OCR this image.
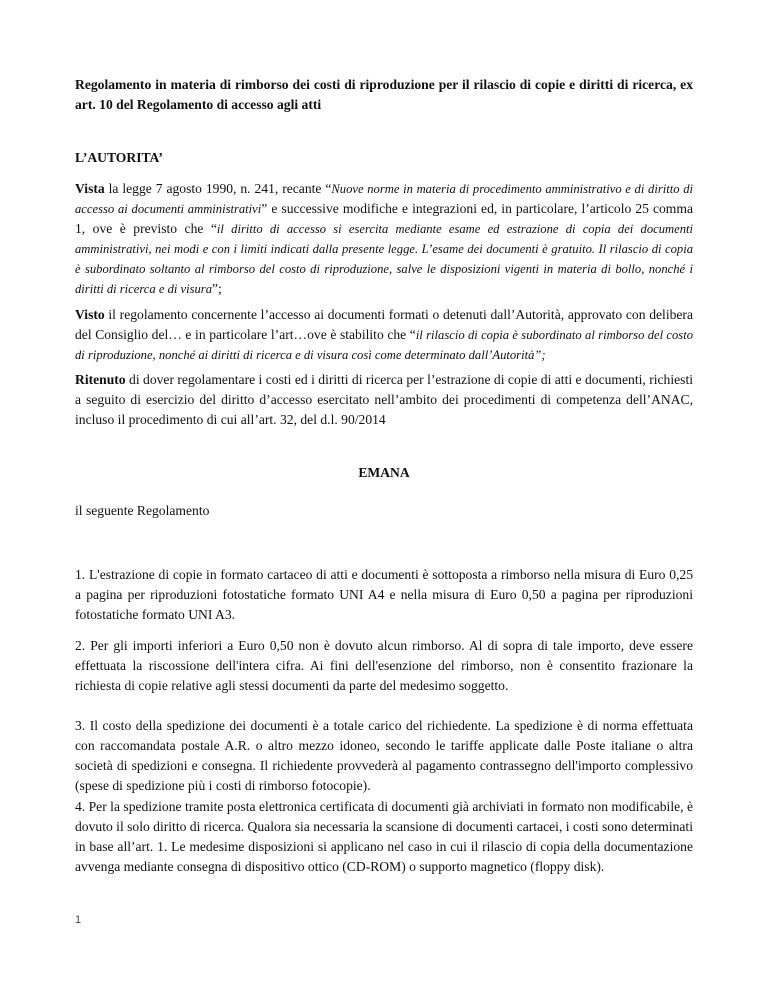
Regolamento in materia di rimborso dei costi di riproduzione per il rilascio di copie e diritti di ricerca, ex art. 10 del Regolamento di accesso agli atti
L’AUTORITA’

Vista la legge 7 agosto 1990, n. 241, recante “Nuove norme in materia di procedimento amministrativo e di diritto di accesso ai documenti amministrativi” e successive modifiche e integrazioni ed, in particolare, l’articolo 25 comma 1, ove è previsto che “il diritto di accesso si esercita mediante esame ed estrazione di copia dei documenti amministrativi, nei modi e con i limiti indicati dalla presente legge. L’esame dei documenti è gratuito. Il rilascio di copia è subordinato soltanto al rimborso del costo di riproduzione, salve le disposizioni vigenti in materia di bollo, nonché i diritti di ricerca e di visura”;

Visto il regolamento concernente l’accesso ai documenti formati o detenuti dall’Autorità, approvato con delibera del Consiglio del… e in particolare l’art…ove è stabilito che “il rilascio di copia è subordinato al rimborso del costo di riproduzione, nonché ai diritti di ricerca e di visura così come determinato dall’Autorità”;

Ritenuto di dover regolamentare i costi ed i diritti di ricerca per l’estrazione di copie di atti e documenti, richiesti a seguito di esercizio del diritto d’accesso esercitato nell’ambito dei procedimenti di competenza dell’ANAC, incluso il procedimento di cui all’art. 32, del d.l. 90/2014

EMANA

il seguente Regolamento

1. L'estrazione di copie in formato cartaceo di atti e documenti è sottoposta a rimborso nella misura di Euro 0,25 a pagina per riproduzioni fotostatiche formato UNI A4 e nella misura di Euro 0,50 a pagina per riproduzioni fotostatiche formato UNI A3.

2. Per gli importi inferiori a Euro 0,50 non è dovuto alcun rimborso. Al di sopra di tale importo, deve essere effettuata la riscossione dell'intera cifra. Ai fini dell'esenzione del rimborso, non è consentito frazionare la richiesta di copie relative agli stessi documenti da parte del medesimo soggetto.

3. Il costo della spedizione dei documenti è a totale carico del richiedente. La spedizione è di norma effettuata con raccomandata postale A.R. o altro mezzo idoneo, secondo le tariffe applicate dalle Poste italiane o altra società di spedizioni e consegna. Il richiedente provvederà al pagamento contrassegno dell'importo complessivo (spese di spedizione più i costi di rimborso fotocopie).

4. Per la spedizione tramite posta elettronica certificata di documenti già archiviati in formato non modificabile, è dovuto il solo diritto di ricerca. Qualora sia necessaria la scansione di documenti cartacei, i costi sono determinati in base all’art. 1. Le medesime disposizioni si applicano nel caso in cui il rilascio di copia della documentazione avvenga mediante consegna di dispositivo ottico (CD-ROM) o supporto magnetico (floppy disk).

1
